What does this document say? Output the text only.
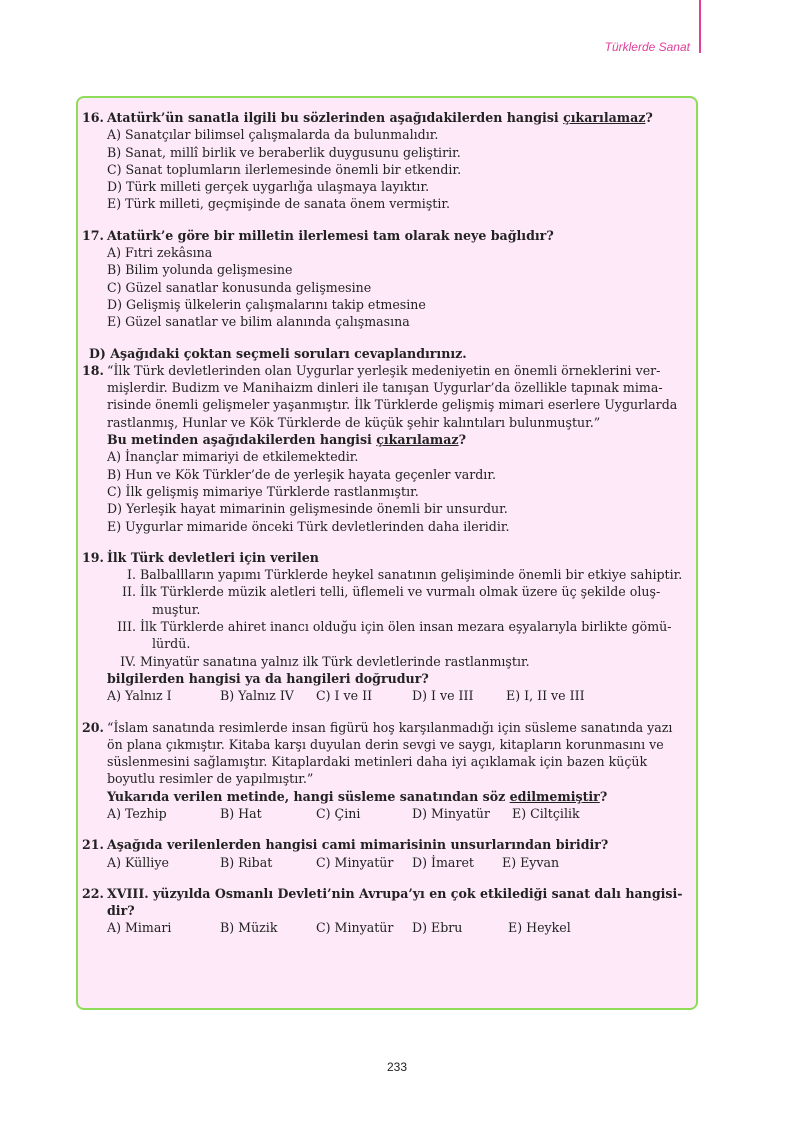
Türklerde Sanat
16. Atatürk’ün sanatla ilgili bu sözlerinden aşağıdakilerden hangisi çıkarılamaz?
A) Sanatçılar bilimsel çalışmalarda da bulunmalıdır.
B) Sanat, millî birlik ve beraberlik duygusunu geliştirir.
C) Sanat toplumların ilerlemesinde önemli bir etkendir.
D) Türk milleti gerçek uygarlığa ulaşmaya layıktır.
E) Türk milleti, geçmişinde de sanata önem vermiştir.
17. Atatürk’e göre bir milletin ilerlemesi tam olarak neye bağlıdır?
A) Fıtri zekâsına
B) Bilim yolunda gelişmesine
C) Güzel sanatlar konusunda gelişmesine
D) Gelişmiş ülkelerin çalışmalarını takip etmesine
E) Güzel sanatlar ve bilim alanında çalışmasına
D) Aşağıdaki çoktan seçmeli soruları cevaplandırınız.
18. “İlk Türk devletlerinden olan Uygurlar yerleşik medeniyetin en önemli örneklerini ver-
mişlerdir. Budizm ve Manihaizm dinleri ile tanışan Uygurlar’da özellikle tapınak mima-
risinde önemli gelişmeler yaşanmıştır. İlk Türklerde gelişmiş mimari eserlere Uygurlarda
rastlanmış, Hunlar ve Kök Türklerde de küçük şehir kalıntıları bulunmuştur.”
Bu metinden aşağıdakilerden hangisi çıkarılamaz?
A) İnançlar mimariyi de etkilemektedir.
B) Hun ve Kök Türkler’de de yerleşik hayata geçenler vardır.
C) İlk gelişmiş mimariye Türklerde rastlanmıştır.
D) Yerleşik hayat mimarinin gelişmesinde önemli bir unsurdur.
E) Uygurlar mimaride önceki Türk devletlerinden daha ileridir.
19. İlk Türk devletleri için verilen
I. Balballların yapımı Türklerde heykel sanatının gelişiminde önemli bir etkiye sahiptir.
II. İlk Türklerde müzik aletleri telli, üflemeli ve vurmalı olmak üzere üç şekilde oluş-
muştur.
III. İlk Türklerde ahiret inancı olduğu için ölen insan mezara eşyalarıyla birlikte gömü-
lürdü.
IV. Minyatür sanatına yalnız ilk Türk devletlerinde rastlanmıştır.
bilgilerden hangisi ya da hangileri doğrudur?
A) Yalnız I	B) Yalnız IV	C) I ve II	D) I ve III	E) I, II ve III
20. “İslam sanatında resimlerde insan figürü hoş karşılanmadığı için süsleme sanatında yazı
ön plana çıkmıştır. Kitaba karşı duyulan derin sevgi ve saygı, kitapların korunmasını ve
süslenmesini sağlamıştır. Kitaplardaki metinleri daha iyi açıklamak için bazen küçük
boyutlu resimler de yapılmıştır.”
Yukarıda verilen metinde, hangi süsleme sanatından söz edilmemiştir?
A) Tezhip	B) Hat	C) Çini	D) Minyatür	E) Ciltçilik
21. Aşağıda verilenlerden hangisi cami mimarisinin unsurlarından biridir?
A) Külliye	B) Ribat	C) Minyatür	D) İmaret	E) Eyvan
22. XVIII. yüzyılda Osmanlı Devleti’nin Avrupa’yı en çok etkilediği sanat dalı hangisi-
dir?
A) Mimari	B) Müzik	C) Minyatür	D) Ebru	E) Heykel
233
